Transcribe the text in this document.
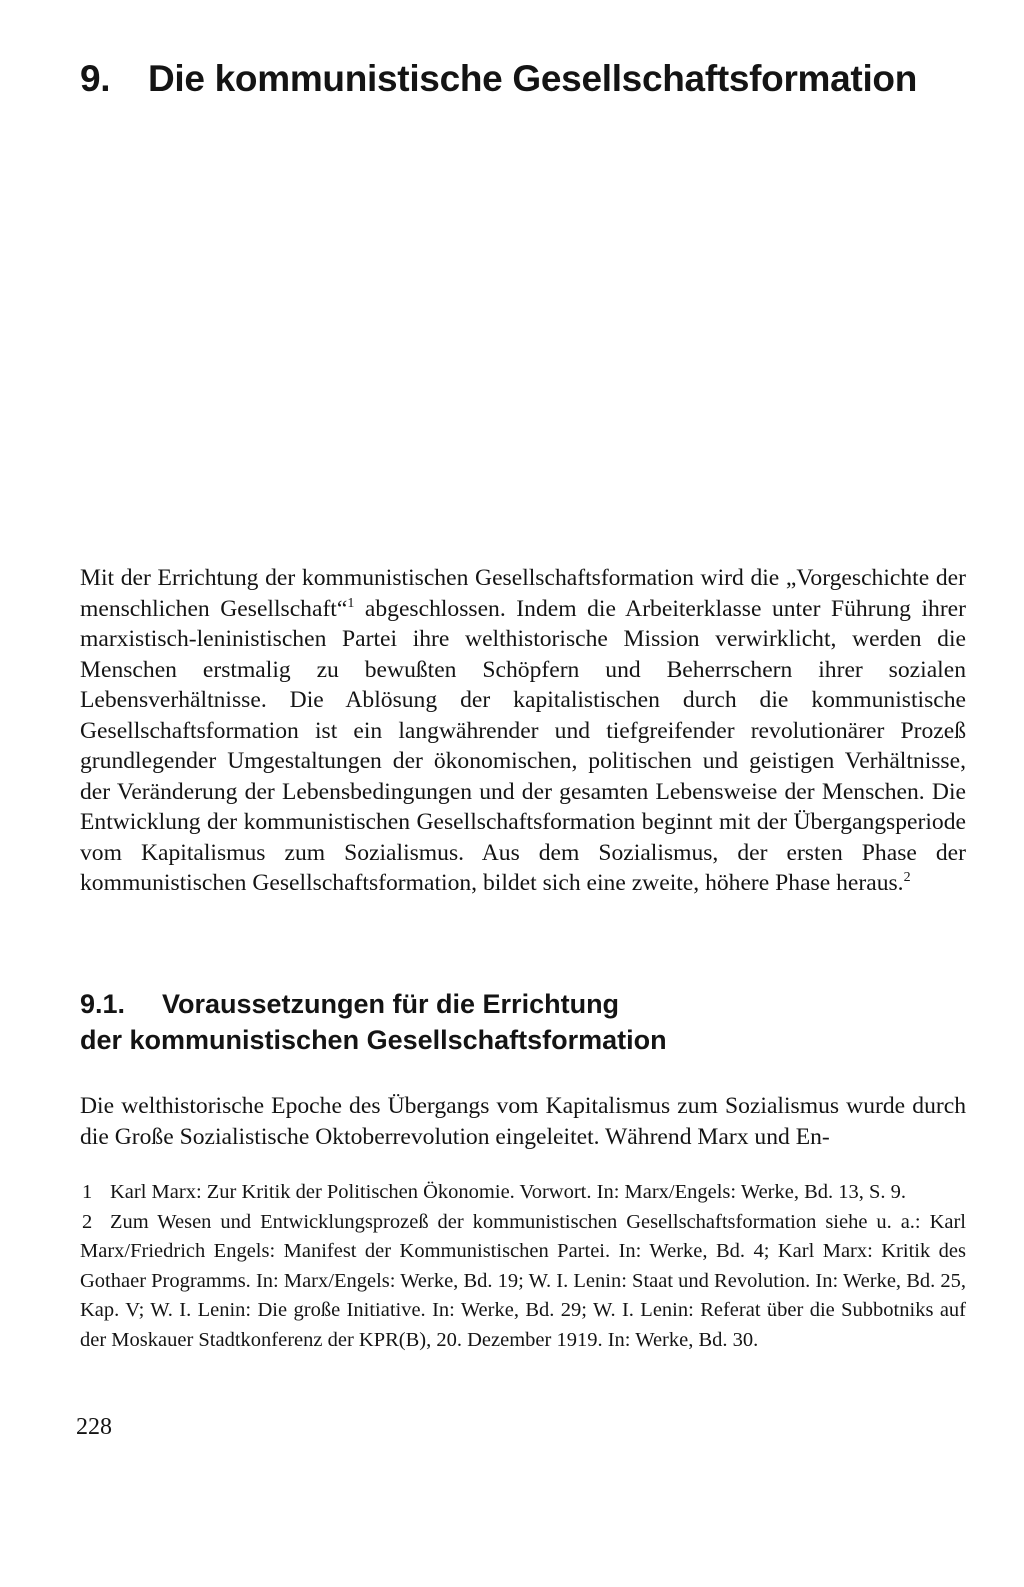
9. Die kommunistische Gesellschaftsformation

Mit der Errichtung der kommunistischen Gesellschaftsformation wird die „Vorgeschichte der menschlichen Gesellschaft“$^1$ abgeschlossen. Indem die Arbeiterklasse unter Führung ihrer marxistisch-leninistischen Partei ihre welthistorische Mission verwirklicht, werden die Menschen erstmalig zu bewußten Schöpfern und Beherrschern ihrer sozialen Lebensverhältnisse. Die Ablösung der kapitalistischen durch die kommunistische Gesellschaftsformation ist ein langwährender und tiefgreifender revolutionärer Prozeß grundlegender Umgestaltungen der ökonomischen, politischen und geistigen Verhältnisse, der Veränderung der Lebensbedingungen und der gesamten Lebensweise der Menschen. Die Entwicklung der kommunistischen Gesellschaftsformation beginnt mit der Übergangsperiode vom Kapitalismus zum Sozialismus. Aus dem Sozialismus, der ersten Phase der kommunistischen Gesellschaftsformation, bildet sich eine zweite, höhere Phase heraus.$^2$

9.1. Voraussetzungen für die Errichtung
der kommunistischen Gesellschaftsformation

Die welthistorische Epoche des Übergangs vom Kapitalismus zum Sozialismus wurde durch die Große Sozialistische Oktoberrevolution eingeleitet. Während Marx und En-

1 Karl Marx: Zur Kritik der Politischen Ökonomie. Vorwort. In: Marx/Engels: Werke, Bd. 13, S. 9.

2 Zum Wesen und Entwicklungsprozeß der kommunistischen Gesellschaftsformation siehe u. a.: Karl Marx/Friedrich Engels: Manifest der Kommunistischen Partei. In: Werke, Bd. 4; Karl Marx: Kritik des Gothaer Programms. In: Marx/Engels: Werke, Bd. 19; W. I. Lenin: Staat und Revolution. In: Werke, Bd. 25, Kap. V; W. I. Lenin: Die große Initiative. In: Werke, Bd. 29; W. I. Lenin: Referat über die Subbotniks auf der Moskauer Stadtkonferenz der KPR(B), 20. Dezember 1919. In: Werke, Bd. 30.

228
